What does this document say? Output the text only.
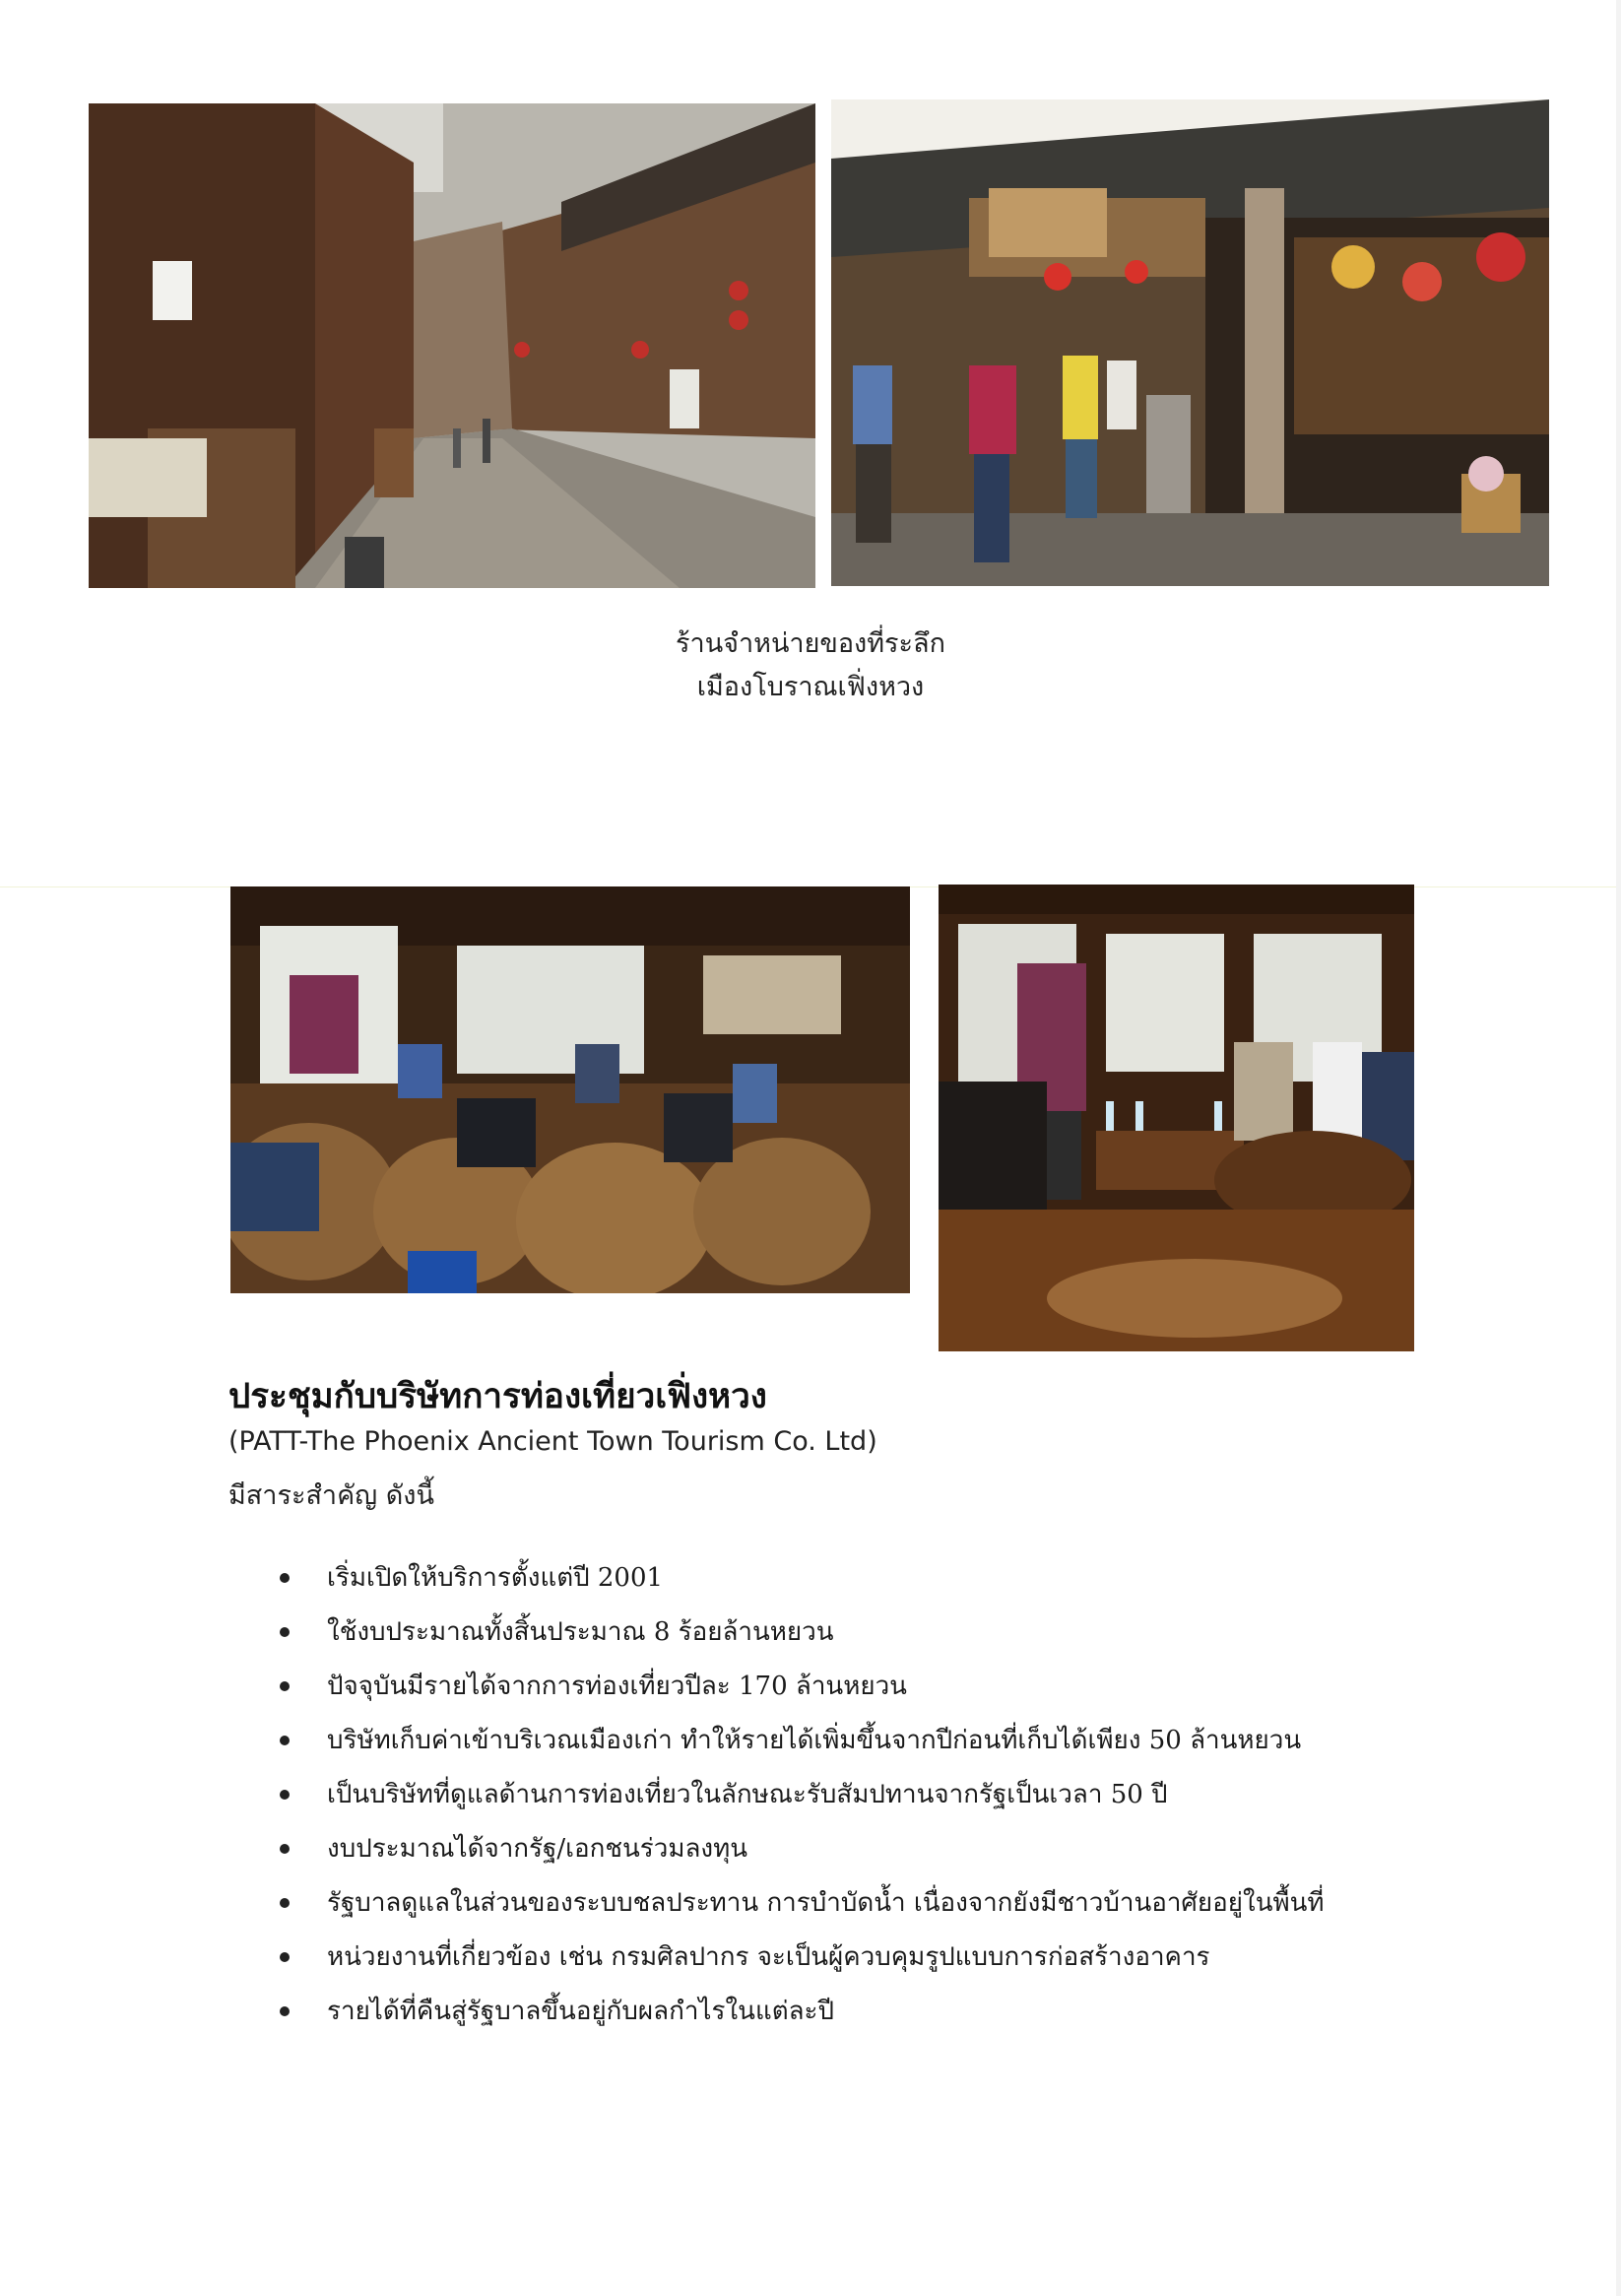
ร้านจำหน่ายของที่ระลึก
เมืองโบราณเฟิ่งหวง
ประชุมกับบริษัทการท่องเที่ยวเฟิ่งหวง
(PATT-The Phoenix Ancient Town Tourism Co. Ltd)
มีสาระสำคัญ ดังนี้
เริ่มเปิดให้บริการตั้งแต่ปี 2001
ใช้งบประมาณทั้งสิ้นประมาณ 8 ร้อยล้านหยวน
ปัจจุบันมีรายได้จากการท่องเที่ยวปีละ 170 ล้านหยวน
บริษัทเก็บค่าเข้าบริเวณเมืองเก่า ทำให้รายได้เพิ่มขึ้นจากปีก่อนที่เก็บได้เพียง 50 ล้านหยวน
เป็นบริษัทที่ดูแลด้านการท่องเที่ยวในลักษณะรับสัมปทานจากรัฐเป็นเวลา 50 ปี
งบประมาณได้จากรัฐ/เอกชนร่วมลงทุน
รัฐบาลดูแลในส่วนของระบบชลประทาน การบำบัดน้ำ เนื่องจากยังมีชาวบ้านอาศัยอยู่ในพื้นที่
หน่วยงานที่เกี่ยวข้อง เช่น กรมศิลปากร จะเป็นผู้ควบคุมรูปแบบการก่อสร้างอาคาร
รายได้ที่คืนสู่รัฐบาลขึ้นอยู่กับผลกำไรในแต่ละปี
